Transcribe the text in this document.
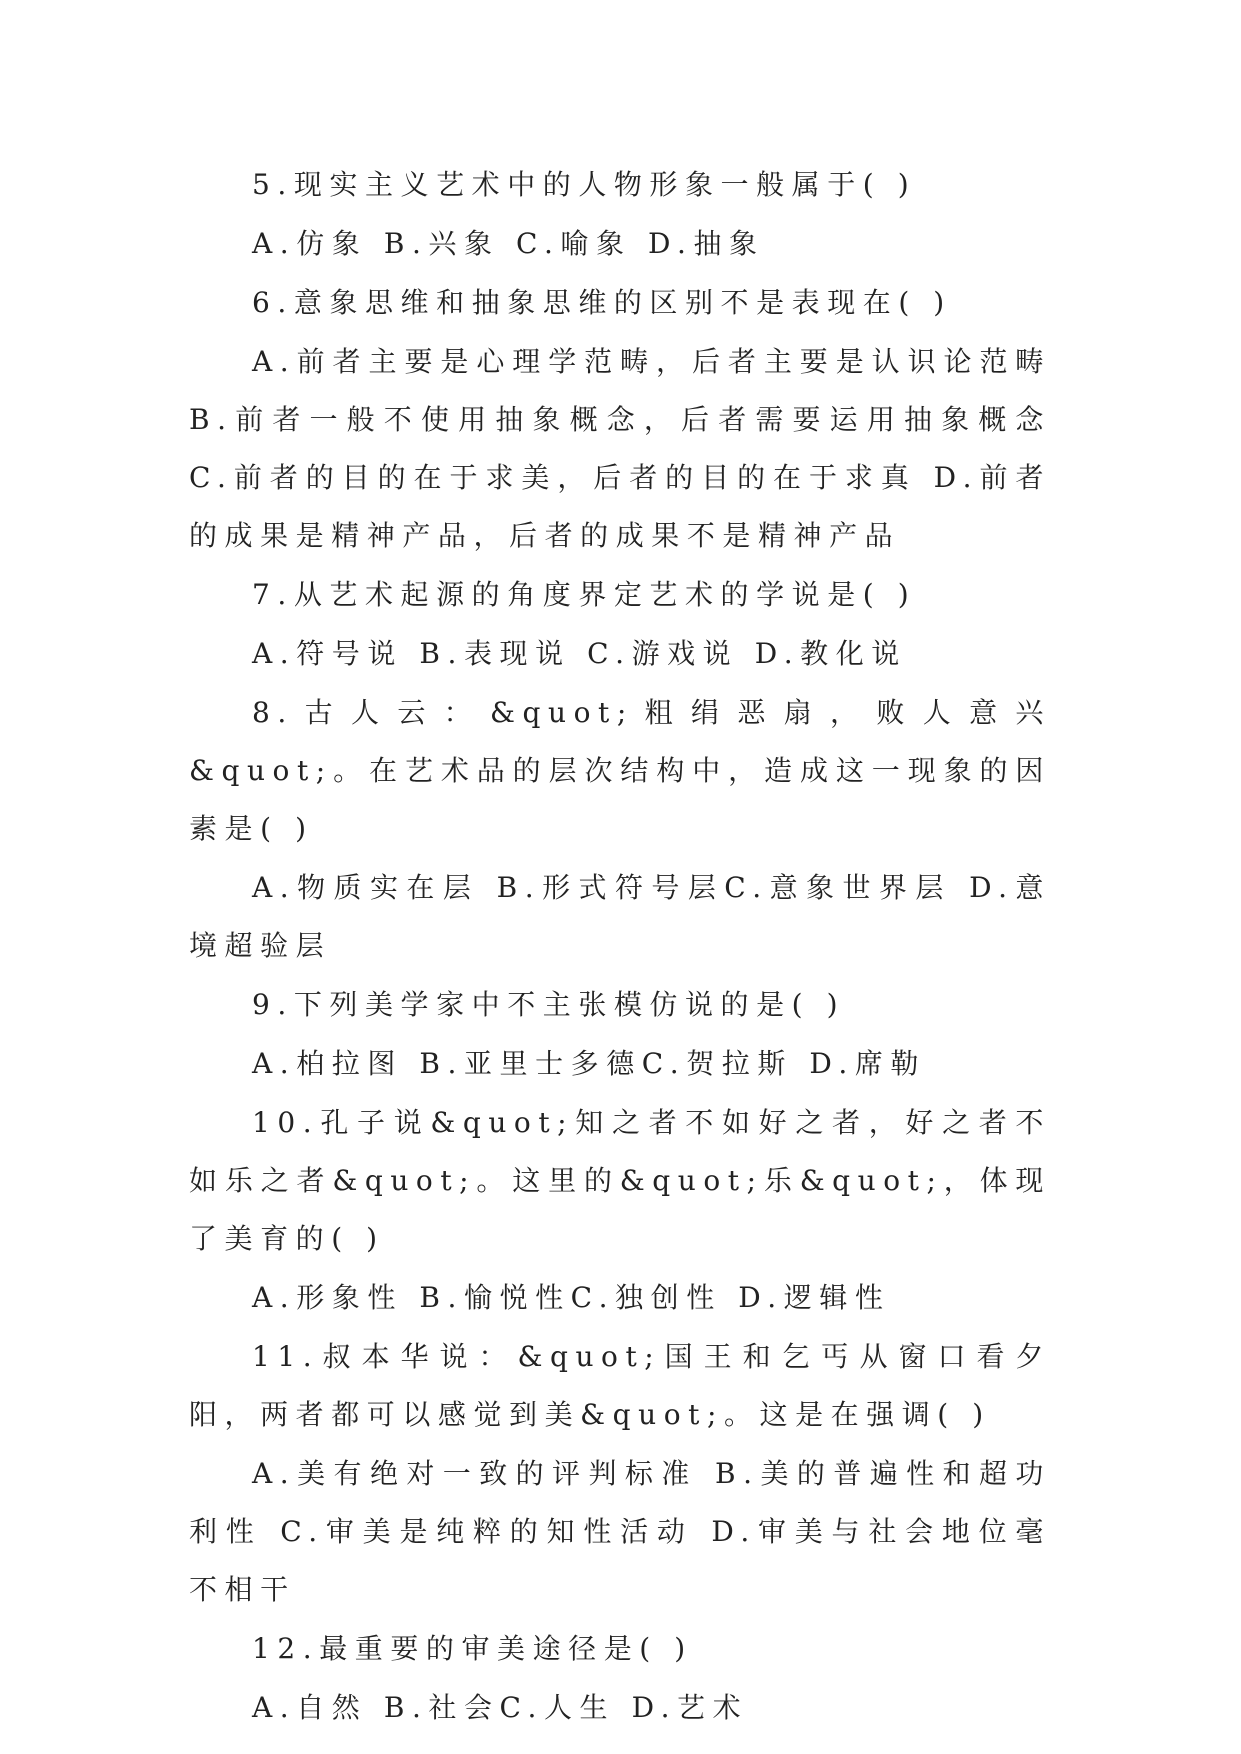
5.现实主义艺术中的人物形象一般属于( )

A.仿象 B.兴象 C.喻象 D.抽象

6.意象思维和抽象思维的区别不是表现在( )

A.前者主要是心理学范畴，后者主要是认识论范畴 B.前者一般不使用抽象概念，后者需要运用抽象概念 C.前者的目的在于求美，后者的目的在于求真 D.前者的成果是精神产品，后者的成果不是精神产品

7.从艺术起源的角度界定艺术的学说是( )

A.符号说 B.表现说 C.游戏说 D.教化说

8.古人云：&quot;粗绢恶扇，败人意兴&quot;。在艺术品的层次结构中，造成这一现象的因素是( )

A.物质实在层 B.形式符号层C.意象世界层 D.意境超验层

9.下列美学家中不主张模仿说的是( )

A.柏拉图 B.亚里士多德C.贺拉斯 D.席勒

10.孔子说&quot;知之者不如好之者，好之者不如乐之者&quot;。这里的&quot;乐&quot;，体现了美育的( )

A.形象性 B.愉悦性C.独创性 D.逻辑性

11.叔本华说：&quot;国王和乞丐从窗口看夕阳，两者都可以感觉到美&quot;。这是在强调( )

A.美有绝对一致的评判标准 B.美的普遍性和超功利性 C.审美是纯粹的知性活动 D.审美与社会地位毫不相干

12.最重要的审美途径是( )

A.自然 B.社会C.人生 D.艺术
